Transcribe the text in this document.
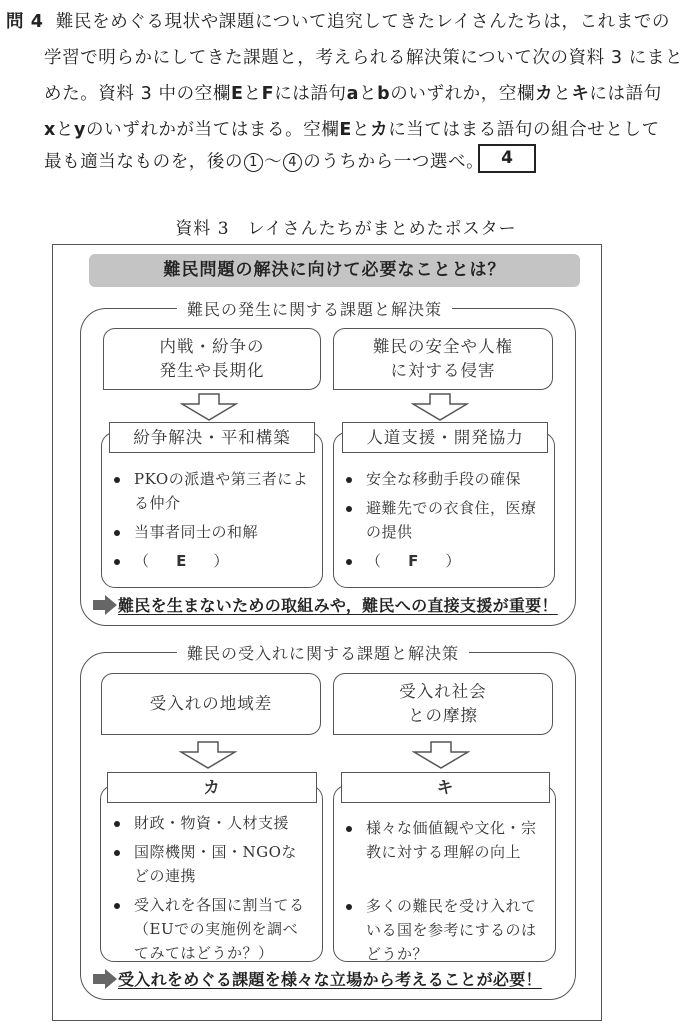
問 4 難民をめぐる現状や課題について追究してきたレイさんたちは，これまでの
学習で明らかにしてきた課題と，考えられる解決策について次の資料 3 にまと
めた。資料 3 中の空欄EとFには語句aとbのいずれか，空欄カとキには語句
xとyのいずれかが当てはまる。空欄Eとカに当てはまる語句の組合せとして
最も適当なものを，後の 1 〜 4 のうちから一つ選べ。 4
資料 3　レイさんたちがまとめたポスター
難民問題の解決に向けて必要なこととは？
難民の発生に関する課題と解決策
内戦・紛争の
発生や長期化
難民の安全や人権
に対する侵害
紛争解決・平和構築
PKOの派遣や第三者による仲介
当事者同士の和解
（ E ）
人道支援・開発協力
安全な移動手段の確保
避難先での衣食住，医療の提供
（ F ）
難民を生まないための取組みや，難民への直接支援が重要！
難民の受入れに関する課題と解決策
受入れの地域差
受入れ社会
との摩擦
カ
財政・物資・人材支援
国際機関・国・NGOなどの連携
受入れを各国に割当てる（EUでの実施例を調べてみてはどうか？）
キ
様々な価値観や文化・宗教に対する理解の向上
多くの難民を受け入れている国を参考にするのはどうか？
受入れをめぐる課題を様々な立場から考えることが必要！
